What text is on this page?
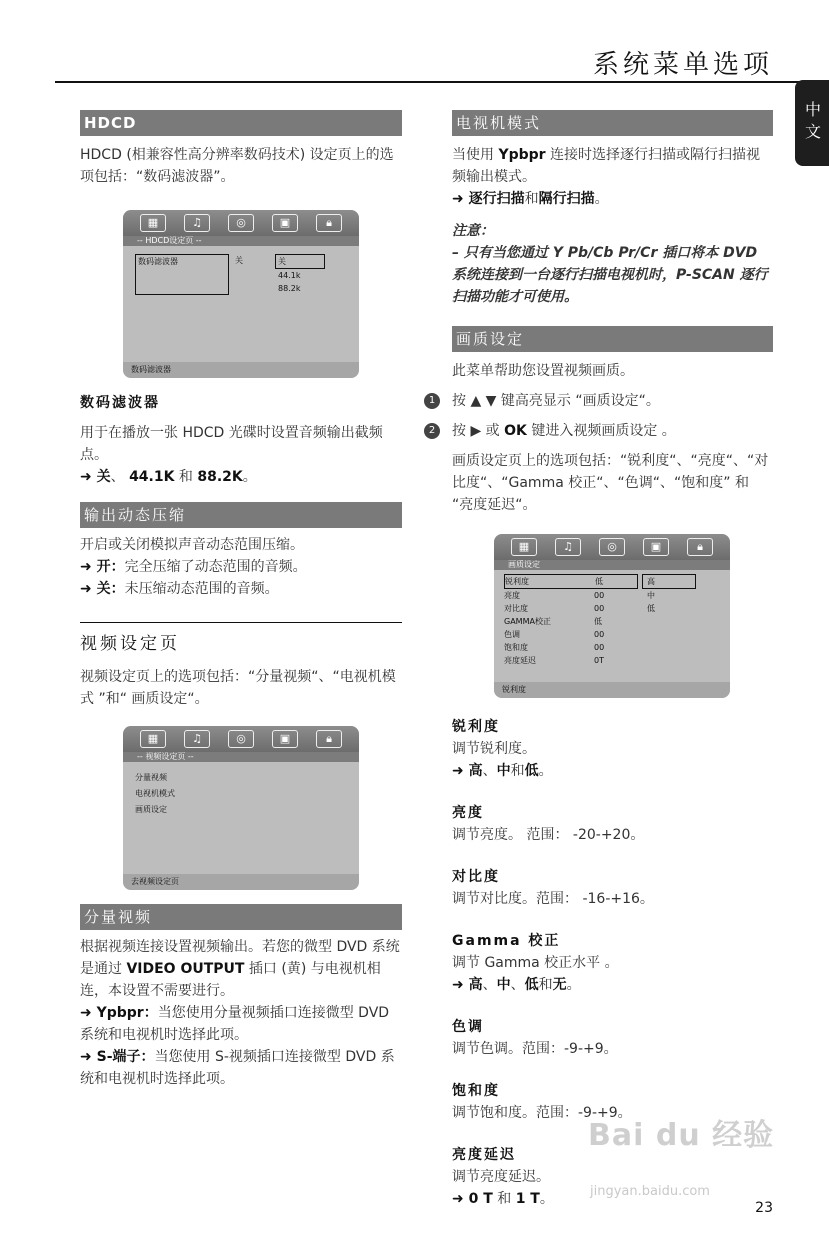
系统菜单选项
中文
HDCD

HDCD (相兼容性高分辨率数码技术) 设定页上的选项包括：“数码滤波器”。

▦	♫	◎	▣	🔒︎
-- HDCD设定页 --
数码滤波器	关	关
44.1k
88.2k
数码滤波器
数码滤波器

用于在播放一张 HDCD 光碟时设置音频输出截频点。

➜ 关、 44.1K 和 88.2K。
输出动态压缩

开启或关闭模拟声音动态范围压缩。

➜ 开：完全压缩了动态范围的音频。
➜ 关：未压缩动态范围的音频。
视频设定页

视频设定页上的选项包括：“分量视频“、“电视机模式 ”和“ 画质设定“。

▦	♫	◎	▣	🔒︎
-- 视频设定页 --
分量视频
电视机模式
画质设定
去视频设定页
分量视频

根据视频连接设置视频输出。若您的微型 DVD 系统是通过 VIDEO OUTPUT 插口 (黄) 与电视机相连，本设置不需要进行。

➜ Ypbpr：当您使用分量视频插口连接微型 DVD 系统和电视机时选择此项。
➜ S-端子：当您使用 S-视频插口连接微型 DVD 系统和电视机时选择此项。
电视机模式

当使用 Ypbpr 连接时选择逐行扫描或隔行扫描视频输出模式。

➜ 逐行扫描和隔行扫描。
注意：

– 只有当您通过 Y Pb/Cb Pr/Cr 插口将本 DVD 系统连接到一台逐行扫描电视机时，P-SCAN 逐行扫描功能才可使用。

画质设定

此菜单帮助您设置视频画质。

1	按 ▲ ▼ 键高亮显示 “画质设定“。
2	按 ▶ 或 OK 键进入视频画质设定 。

画质设定页上的选项包括：“锐利度“、“亮度“、“对比度“、“Gamma 校正“、“色调“、“饱和度” 和 “亮度延迟“。

▦	♫	◎	▣	🔒︎
画质设定
锐利度	低
亮度	00
对比度	00
GAMMA校正	低
色调	00
饱和度	00
亮度延迟	0T
高
中
低
锐利度
锐利度

调节锐利度。

➜ 高、中和低。
亮度

调节亮度。 范围： -20-+20。

对比度

调节对比度。范围： -16-+16。

Gamma 校正

调节 Gamma 校正水平 。

➜ 高、中、低和无。
色调

调节色调。范围：-9-+9。

饱和度

调节饱和度。范围：-9-+9。

亮度延迟

调节亮度延迟。

➜ 0 T 和 1 T。
Bai du 经验
jingyan.baidu.com
23
